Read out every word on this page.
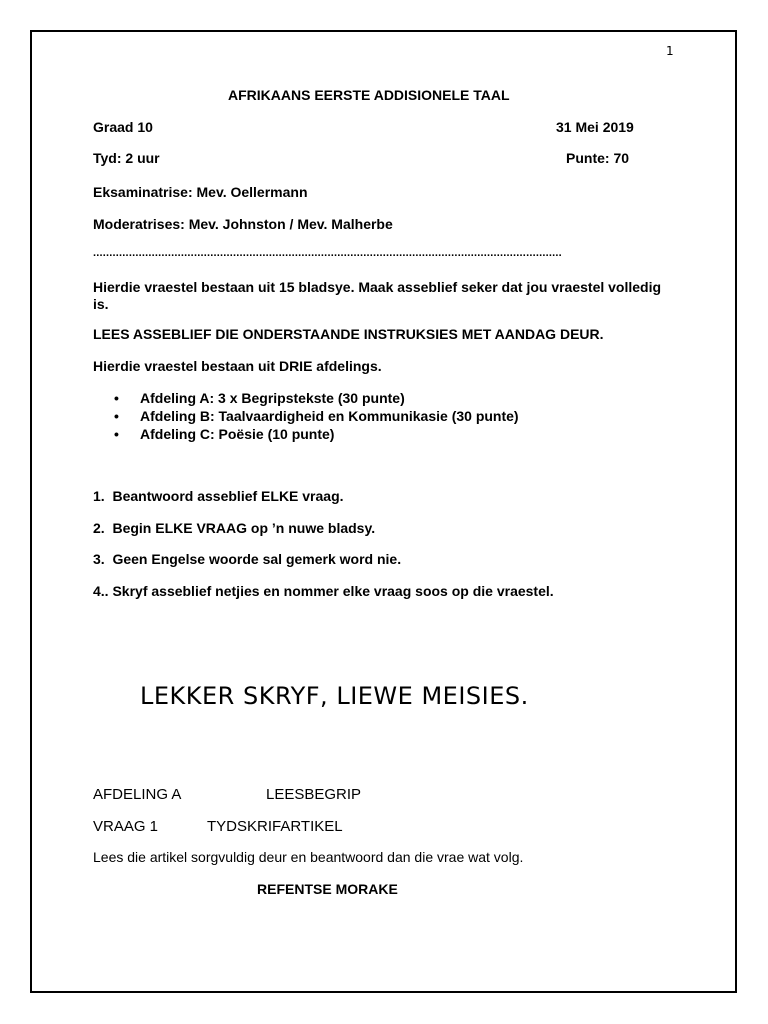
1
AFRIKAANS EERSTE ADDISIONELE TAAL
Graad 10	31 Mei 2019
Tyd: 2 uur	Punte: 70
Eksaminatrise: Mev. Oellermann
Moderatrises: Mev. Johnston / Mev. Malherbe
................................................................................................................................................
Hierdie vraestel bestaan uit 15 bladsye. Maak asseblief seker dat jou vraestel volledig is.
LEES ASSEBLIEF DIE ONDERSTAANDE INSTRUKSIES MET AANDAG DEUR.
Hierdie vraestel bestaan uit DRIE afdelings.
• Afdeling A: 3 x Begripstekste (30 punte)
• Afdeling B: Taalvaardigheid en Kommunikasie (30 punte)
• Afdeling C: Poësie (10 punte)
1.  Beantwoord asseblief ELKE vraag.
2.  Begin ELKE VRAAG op ’n nuwe bladsy.
3.  Geen Engelse woorde sal gemerk word nie.
4.. Skryf asseblief netjies en nommer elke vraag soos op die vraestel.
LEKKER SKRYF, LIEWE MEISIES.
AFDELING A	LEESBEGRIP
VRAAG 1	TYDSKRIFARTIKEL
Lees die artikel sorgvuldig deur en beantwoord dan die vrae wat volg.
REFENTSE MORAKE
